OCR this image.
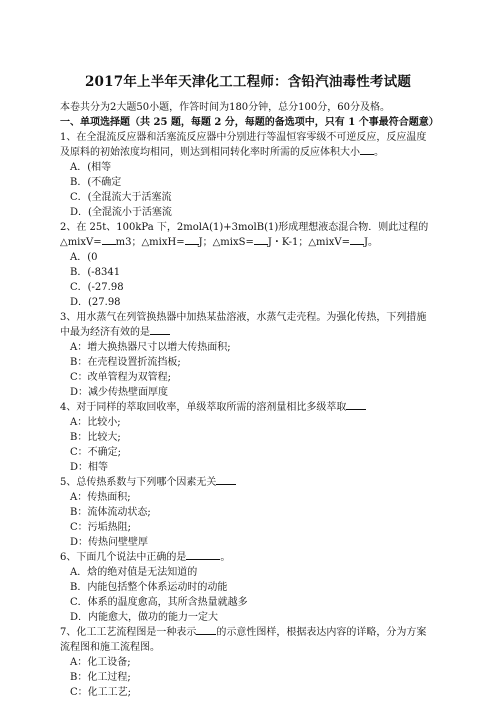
2017年上半年天津化工工程师：含铅汽油毒性考试题
本卷共分为2大题50小题，作答时间为180分钟，总分100分，60分及格。
一、单项选择题（共 25 题，每题 2 分，每题的备选项中，只有 1 个事最符合题意）
1、在全混流反应器和活塞流反应器中分别进行等温恒容零级不可逆反应，反应温度及原料的初始浓度均相同，则达到相同转化率时所需的反应体积大小 。
A．(相等
B．(不确定
C．(全混流大于活塞流
D．(全混流小于活塞流
2、在 25t、100kPa 下，2molA(1)+3molB(1)形成理想液态混合物．则此过程的△mixV= m3；△mixH= J；△mixS= J・K-1；△mixV= J。
A．(0
B．(-8341
C．(-27.98
D．(27.98
3、用水蒸气在列管换热器中加热某盐溶液，水蒸气走壳程。为强化传热，下列措施中最为经济有效的是
A：增大换热器尺寸以增大传热面积;
B：在壳程设置折流挡板;
C：改单管程为双管程;
D：减少传热壁面厚度
4、对于同样的萃取回收率，单级萃取所需的溶剂量相比多级萃取
A：比较小;
B：比较大;
C：不确定;
D：相等
5、总传热系数与下列哪个因素无关
A：传热面积;
B：流体流动状态;
C：污垢热阻;
D：传热问壁壁厚
6、下面几个说法中正确的是	。
A．焓的绝对值是无法知道的
B．内能包括整个体系运动时的动能
C．体系的温度愈高，其所含热量就越多
D．内能愈大，做功的能力一定大
7、化工工艺流程图是一种表示 的示意性图样，根据表达内容的详略，分为方案流程图和施工流程图。
A：化工设备;
B：化工过程;
C：化工工艺;
